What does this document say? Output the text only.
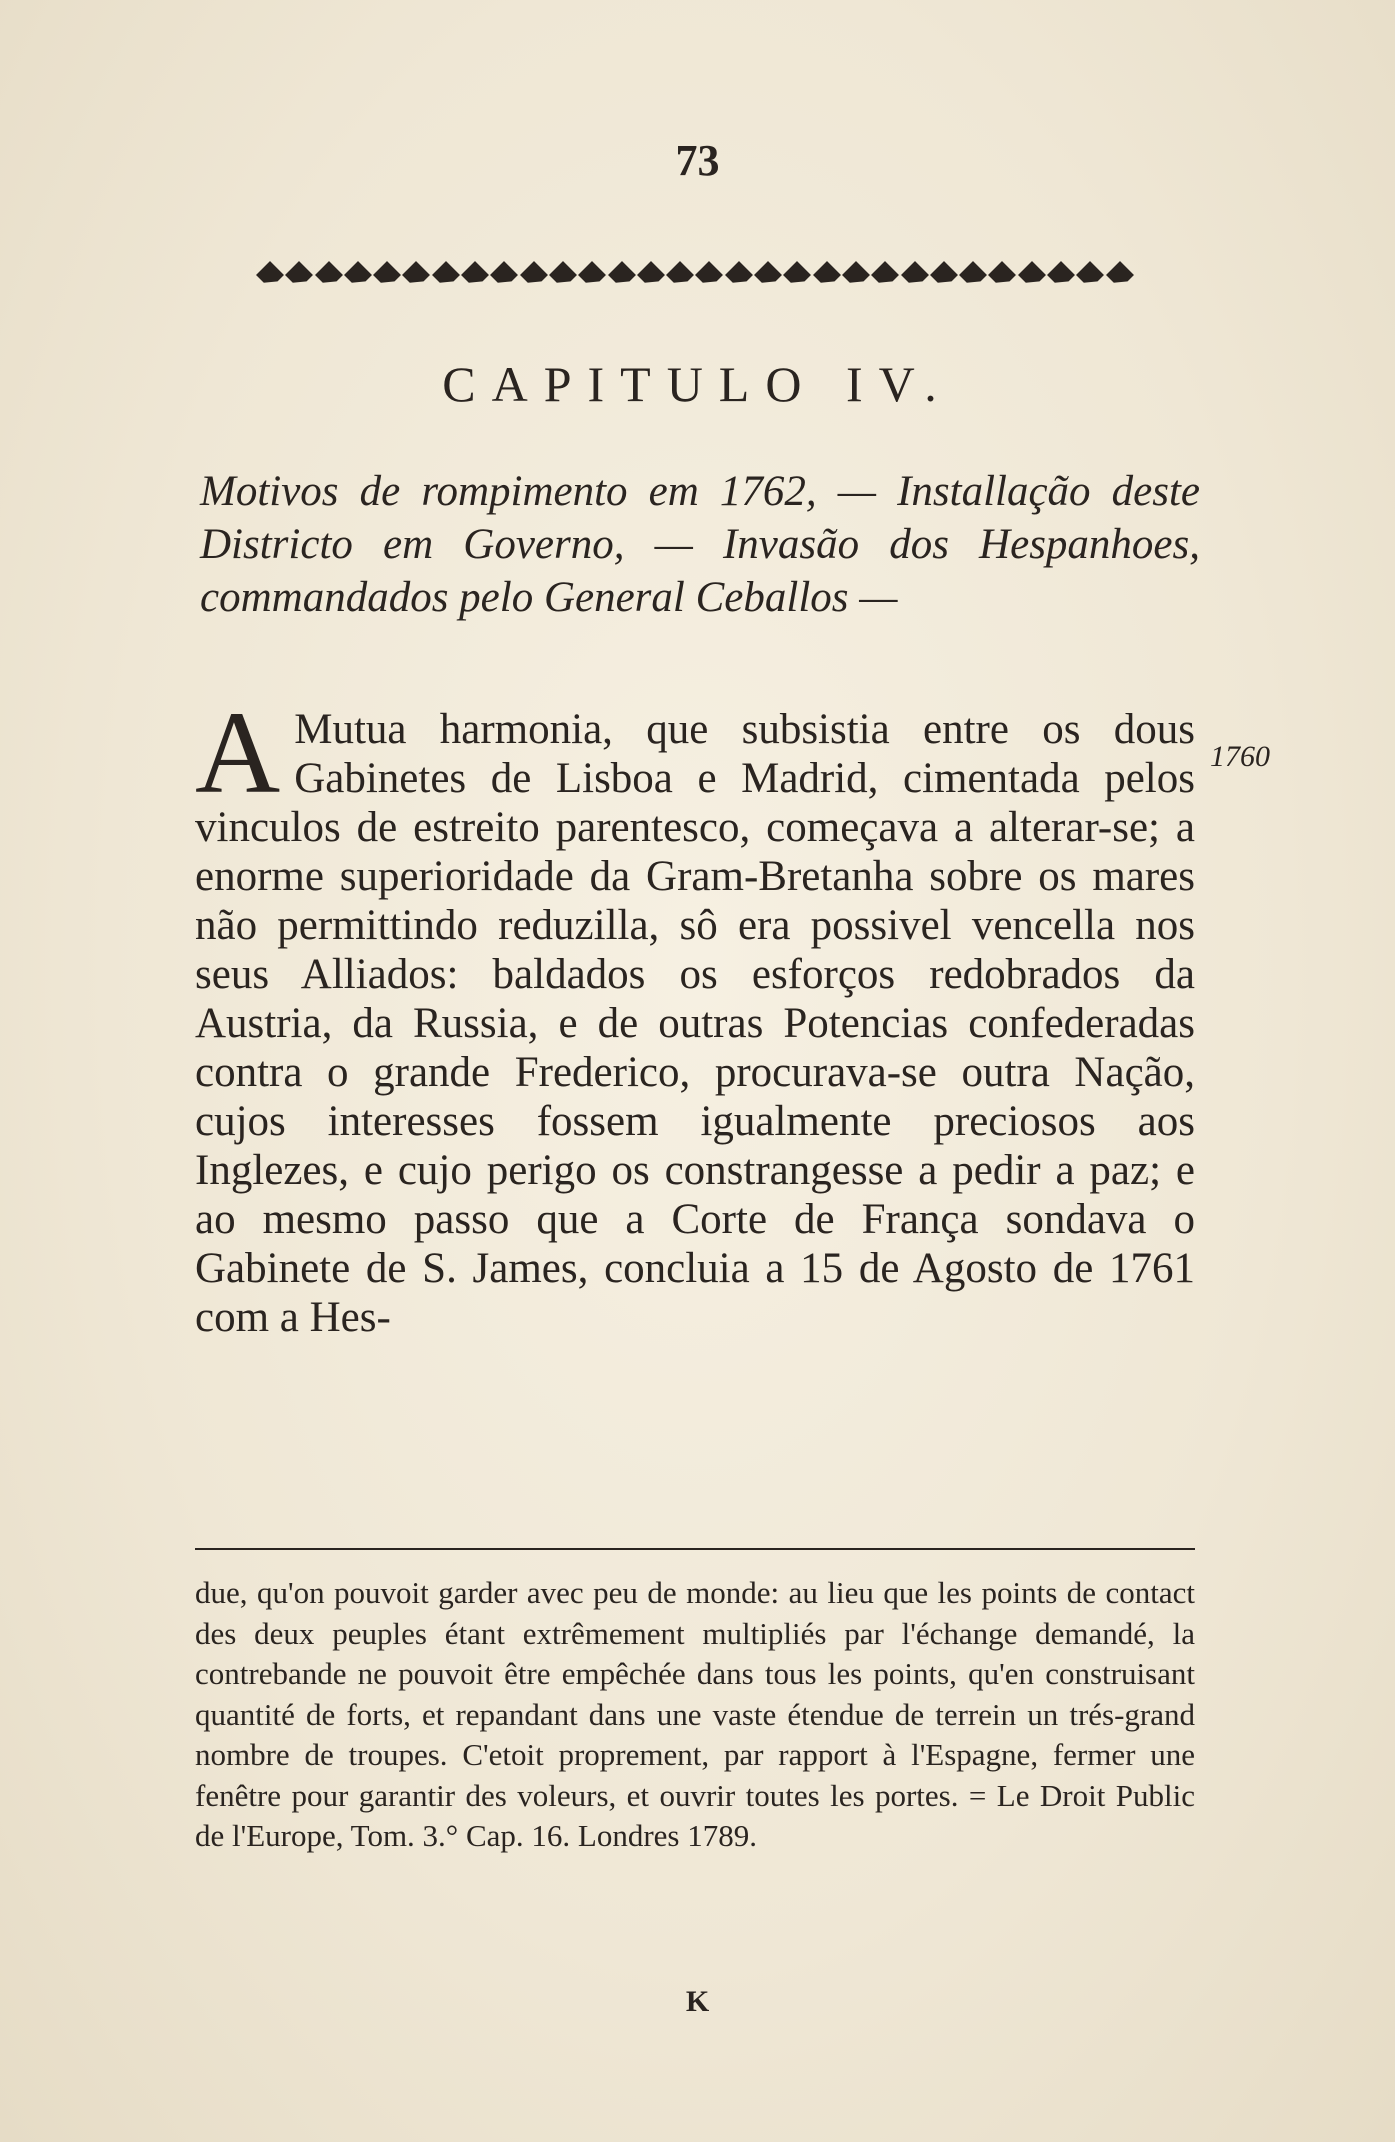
73
CAPITULO IV.
Motivos de rompimento em 1762, — Installação deste Districto em Governo, — Invasão dos Hespanhoes, commandados pelo General Ceballos —
1760
A Mutua harmonia, que subsistia entre os dous Gabinetes de Lisboa e Madrid, cimentada pelos vinculos de estreito parentesco, começava a alterar-se; a enorme superioridade da Gram-Bretanha sobre os mares não permittindo reduzilla, sô era possivel vencella nos seus Alliados: baldados os esforços redobrados da Austria, da Russia, e de outras Potencias confederadas contra o grande Frederico, procurava-se outra Nação, cujos interesses fossem igualmente preciosos aos Inglezes, e cujo perigo os constrangesse a pedir a paz; e ao mesmo passo que a Corte de França sondava o Gabinete de S. James, concluia a 15 de Agosto de 1761 com a Hes-
due, qu'on pouvoit garder avec peu de monde: au lieu que les points de contact des deux peuples étant extrêmement multipliés par l'échange demandé, la contrebande ne pouvoit être empêchée dans tous les points, qu'en construisant quantité de forts, et repandant dans une vaste étendue de terrein un trés-grand nombre de troupes. C'etoit proprement, par rapport à l'Espagne, fermer une fenêtre pour garantir des voleurs, et ouvrir toutes les portes. = Le Droit Public de l'Europe, Tom. 3.° Cap. 16. Londres 1789.
K
